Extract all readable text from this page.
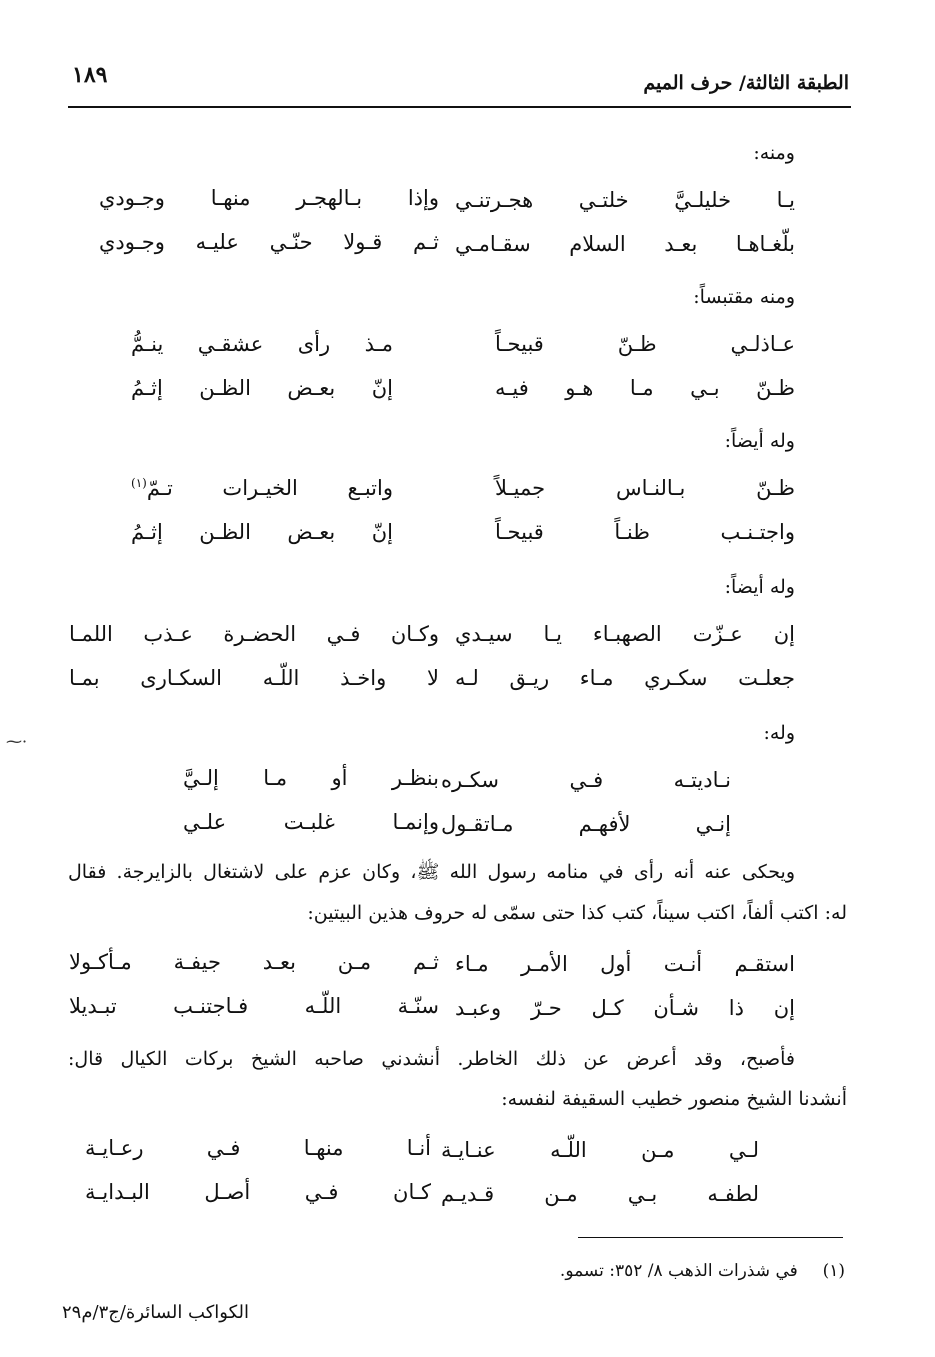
الطبقة الثالثة/ حرف الميم
١٨٩
ومنه:
يـا خليلـيَّ خلتـي هجـرتنـي
وإذا بـالهجـر منهـا وجـودي
بلّغـاهـا بعـد السلام سقـامـي
ثـم قـولا حنّـي عليـه وجـودي
ومنه مقتبساً:
عـاذلـي ظـنّ قبيحـاً
مـذ رأى عشقـي ينـمُّ
ظـنّ بـي مـا هـو فيـه
إنّ بعـض الظـن إثـمُ
وله أيضاً:
ظـنّ بـالنـاس جميـلاً
واتبـع الخيـرات تـمّ$^{(١)}$
واجتـنـب ظنـاً قبيحـاً
إنّ بعـض الظـن إثـمُ
وله أيضاً:
إن عـزّت الصهبـاء يـا سيـدي
وكـان فـي الحضـرة عـذب اللمـا
جعلـت سكـري مـاء ريـق لـه
لا واخـذ اللّـه السكـارى بمـا
وله:
نـاديتـه فـي سكـره
بنظـر أو مـا إلـيَّ
إنـي لأفهـم مـاتقـول
وإنمـا غلبـت علـي
ويحكى عنه أنه رأى في منامه رسول الله ﷺ، وكان عزم على لاشتغال بالزايرجة. فقال
له: اكتب ألفاً، اكتب سيناً، كتب كذا حتى سمّى له حروف هذين البيتين:
استقـم أنـت أول الأمـر مـاء
ثـم مـن بعـد جيفـة مـأكـولا
إن ذا شـأن كـل حـرّ وعبـد
سنّـة اللّـه فـاجتنـب تبـديلا
فأصبح، وقد أعرض عن ذلك الخاطر. أنشدني صاحبه الشيخ بركات الكيال قال:
أنشدنا الشيخ منصور خطيب السقيفة لنفسه:
لـي مـن اللّـه عنـايـة
أنـا منهـا فـي رعـايـة
لطفـه بـي مـن قـديـم
كـان فـي أصـل البـدايـة
(١)  في شذرات الذهب ٨/ ٣٥٢: تسمو.
الكواكب السائرة/ج٣/م٢٩
⁓·
